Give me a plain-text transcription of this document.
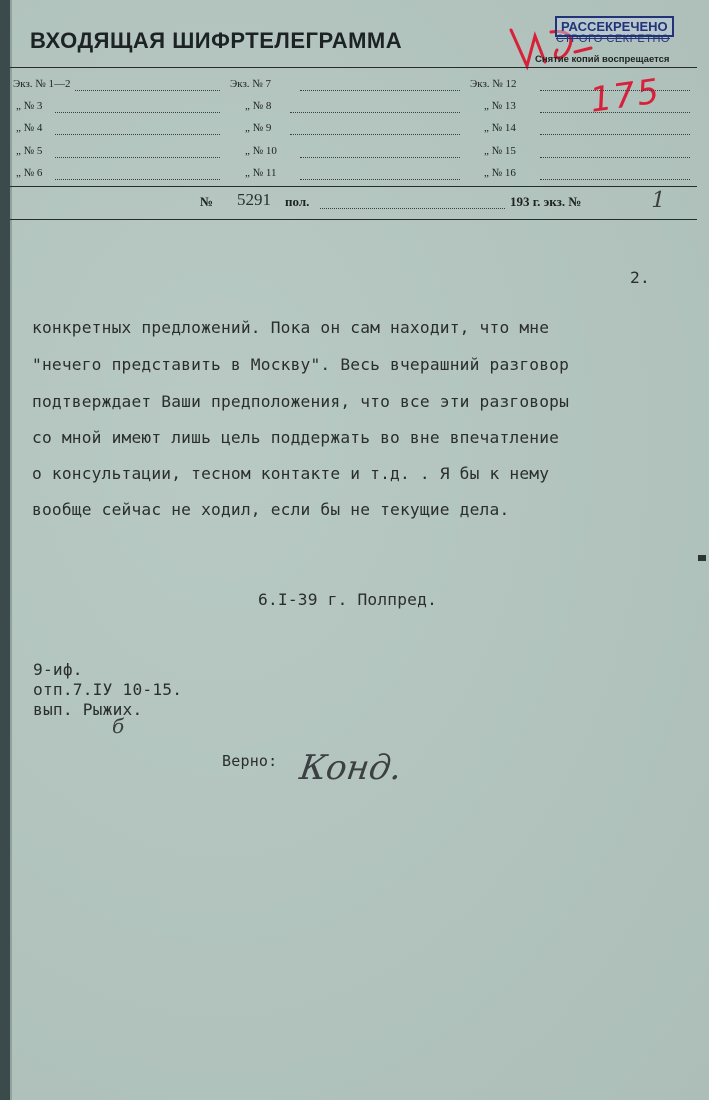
ВХОДЯЩАЯ ШИФРТЕЛЕГРАММА
РАССЕКРЕЧЕНО
СТРОГО СЕКРЕТНО
Снятие копий воспрещается
175
Экз. № 1—2
„ № 3
„ № 4
„ № 5
„ № 6
Экз. № 7
„ № 8
„ № 9
„ № 10
„ № 11
Экз. № 12
„ № 13
„ № 14
„ № 15
„ № 16
№ 5291 пол.	193 г. экз. №	1
2.
конкретных предложений. Пока он сам находит, что мне
"нечего представить в Москву". Весь вчерашний разговор
подтверждает Ваши предположения, что все эти разговоры
со мной имеют лишь цель поддержать во вне впечатление
о консультации, тесном контакте и т.д. . Я бы к нему
вообще сейчас не ходил, если бы не текущие дела.
6.I-39 г. Полпред.
9-иф.
отп.7.IУ 10-15.
вып. Рыжих.
б
Верно: Конд.
